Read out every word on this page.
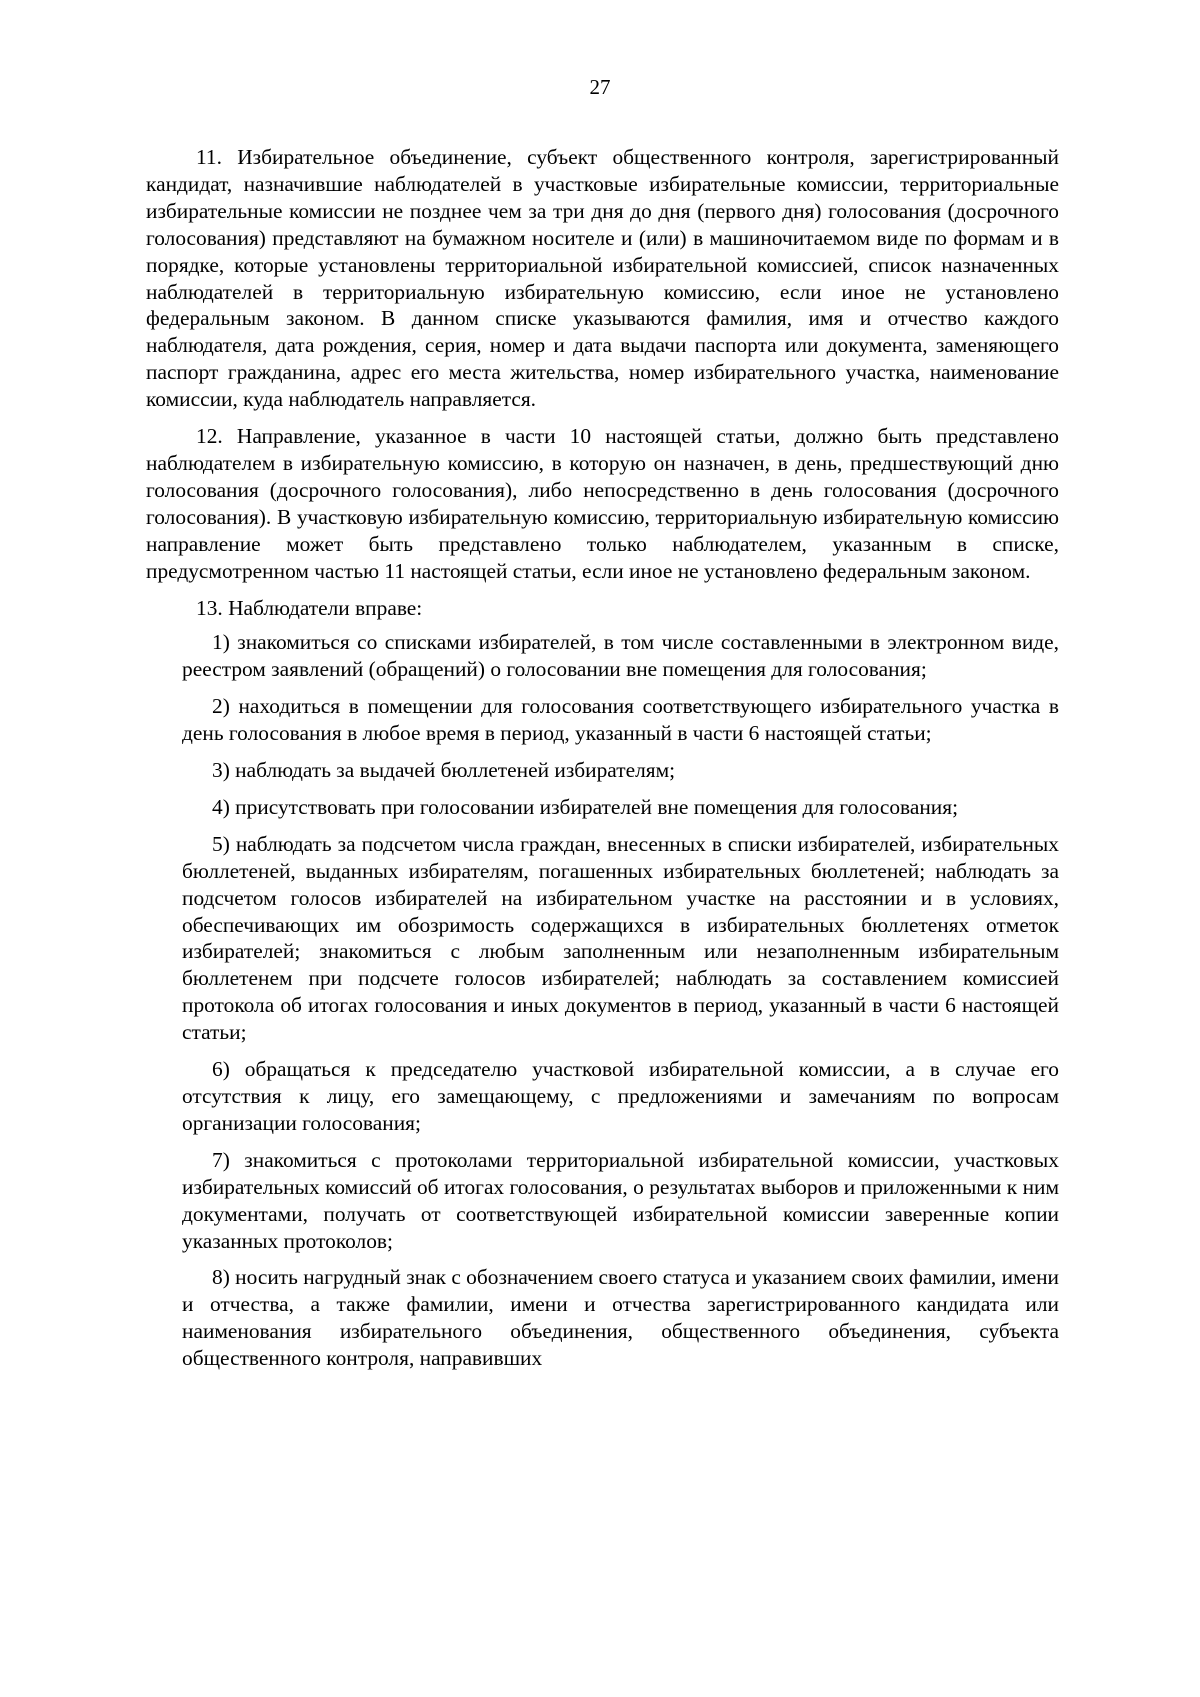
27

11. Избирательное объединение, субъект общественного контроля, зарегистрированный кандидат, назначившие наблюдателей в участковые избирательные комиссии, территориальные избирательные комиссии не позднее чем за три дня до дня (первого дня) голосования (досрочного голосования) представляют на бумажном носителе и (или) в машиночитаемом виде по формам и в порядке, которые установлены территориальной избирательной комиссией, список назначенных наблюдателей в территориальную избирательную комиссию, если иное не установлено федеральным законом. В данном списке указываются фамилия, имя и отчество каждого наблюдателя, дата рождения, серия, номер и дата выдачи паспорта или документа, заменяющего паспорт гражданина, адрес его места жительства, номер избирательного участка, наименование комиссии, куда наблюдатель направляется.

12. Направление, указанное в части 10 настоящей статьи, должно быть представлено наблюдателем в избирательную комиссию, в которую он назначен, в день, предшествующий дню голосования (досрочного голосования), либо непосредственно в день голосования (досрочного голосования). В участковую избирательную комиссию, территориальную избирательную комиссию направление может быть представлено только наблюдателем, указанным в списке, предусмотренном частью 11 настоящей статьи, если иное не установлено федеральным законом.

13. Наблюдатели вправе:

1) знакомиться со списками избирателей, в том числе составленными в электронном виде, реестром заявлений (обращений) о голосовании вне помещения для голосования;

2) находиться в помещении для голосования соответствующего избирательного участка в день голосования в любое время в период, указанный в части 6 настоящей статьи;

3) наблюдать за выдачей бюллетеней избирателям;

4) присутствовать при голосовании избирателей вне помещения для голосования;

5) наблюдать за подсчетом числа граждан, внесенных в списки избирателей, избирательных бюллетеней, выданных избирателям, погашенных избирательных бюллетеней; наблюдать за подсчетом голосов избирателей на избирательном участке на расстоянии и в условиях, обеспечивающих им обозримость содержащихся в избирательных бюллетенях отметок избирателей; знакомиться с любым заполненным или незаполненным избирательным бюллетенем при подсчете голосов избирателей; наблюдать за составлением комиссией протокола об итогах голосования и иных документов в период, указанный в части 6 настоящей статьи;

6) обращаться к председателю участковой избирательной комиссии, а в случае его отсутствия к лицу, его замещающему, с предложениями и замечаниям по вопросам организации голосования;

7) знакомиться с протоколами территориальной избирательной комиссии, участковых избирательных комиссий об итогах голосования, о результатах выборов и приложенными к ним документами, получать от соответствующей избирательной комиссии заверенные копии указанных протоколов;

8) носить нагрудный знак с обозначением своего статуса и указанием своих фамилии, имени и отчества, а также фамилии, имени и отчества зарегистрированного кандидата или наименования избирательного объединения, общественного объединения, субъекта общественного контроля, направивших
